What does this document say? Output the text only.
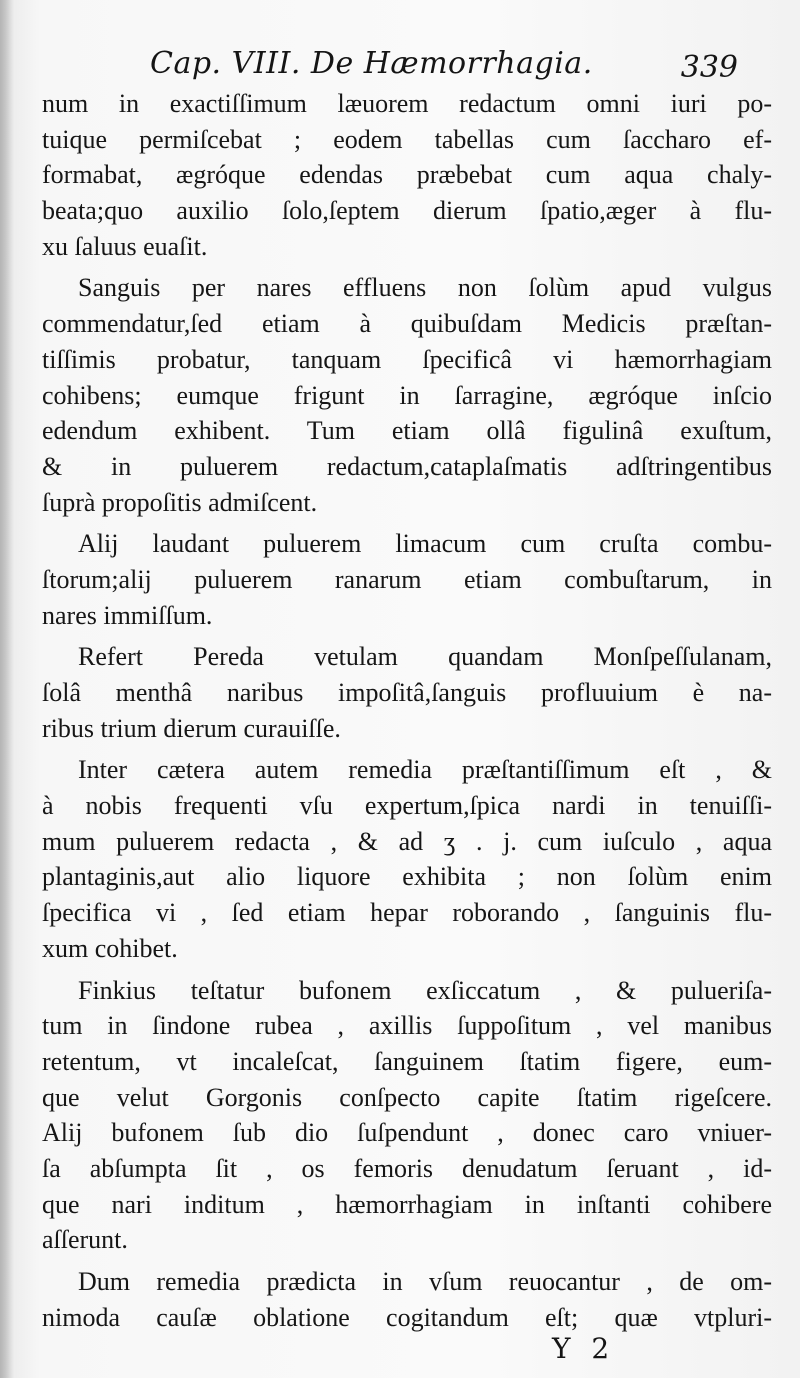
Cap. VIII. De Hæmorrhagia.	339
num in exactiſſimum læuorem redactum omni iuri po-
tuique permiſcebat ; eodem tabellas cum ſaccharo ef-
formabat, ægróque edendas præbebat cum aqua chaly-
beata;quo auxilio ſolo,ſeptem dierum ſpatio,æger à flu-
xu ſaluus euaſit.
Sanguis per nares effluens non ſolùm apud vulgus
commendatur,ſed etiam à quibuſdam Medicis præſtan-
tiſſimis probatur, tanquam ſpecificâ vi hæmorrhagiam
cohibens; eumque frigunt in ſarragine, ægróque inſcio
edendum exhibent. Tum etiam ollâ figulinâ exuſtum,
& in puluerem redactum,cataplaſmatis adſtringentibus
ſuprà propoſitis admiſcent.
Alij laudant puluerem limacum cum cruſta combu-
ſtorum;alij puluerem ranarum etiam combuſtarum, in
nares immiſſum.
Refert Pereda vetulam quandam Monſpeſſulanam,
ſolâ menthâ naribus impoſitâ,ſanguis profluuium è na-
ribus trium dierum curauiſſe.
Inter cætera autem remedia præſtantiſſimum eſt , &
à nobis frequenti vſu expertum,ſpica nardi in tenuiſſi-
mum puluerem redacta , & ad ʒ . j. cum iuſculo , aqua
plantaginis,aut alio liquore exhibita ; non ſolùm enim
ſpecifica vi , ſed etiam hepar roborando , ſanguinis flu-
xum cohibet.
Finkius teſtatur bufonem exſiccatum , & pulueriſa-
tum in ſindone rubea , axillis ſuppoſitum , vel manibus
retentum, vt incaleſcat, ſanguinem ſtatim figere, eum-
que velut Gorgonis conſpecto capite ſtatim rigeſcere.
Alij bufonem ſub dio ſuſpendunt , donec caro vniuer-
ſa abſumpta ſit , os femoris denudatum ſeruant , id-
que nari inditum , hæmorrhagiam in inſtanti cohibere
aſſerunt.
Dum remedia prædicta in vſum reuocantur , de om-
nimoda cauſæ oblatione cogitandum eſt; quæ vtpluri-
Y 2
